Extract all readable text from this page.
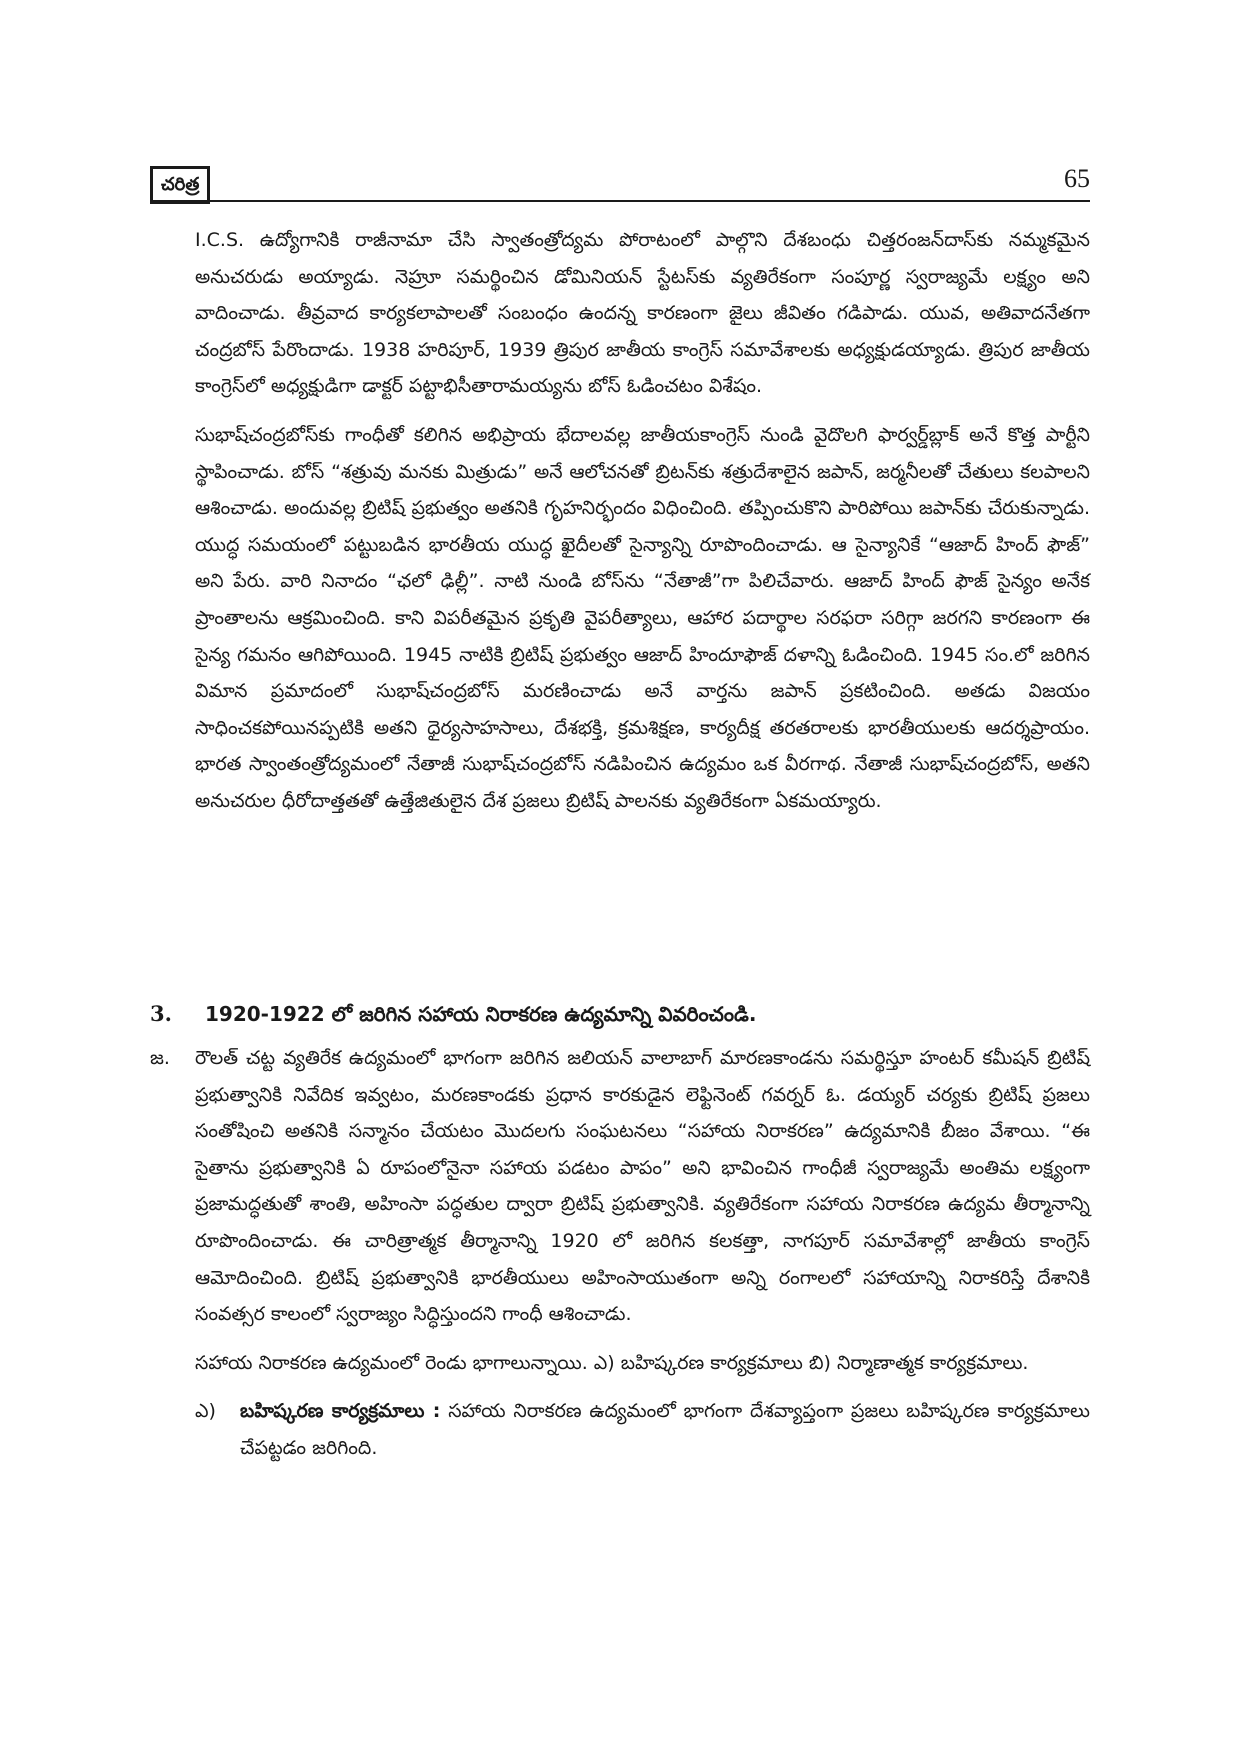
చరిత్ర	65

I.C.S. ఉద్యోగానికి రాజీనామా చేసి స్వాతంత్రోద్యమ పోరాటంలో పాల్గొని దేశబంధు చిత్తరంజన్‌దాస్‌కు నమ్మకమైన అనుచరుడు అయ్యాడు. నెహ్రూ సమర్థించిన డోమినియన్ స్టేటస్‌కు వ్యతిరేకంగా సంపూర్ణ స్వరాజ్యమే లక్ష్యం అని వాదించాడు. తీవ్రవాద కార్యకలాపాలతో సంబంధం ఉందన్న కారణంగా జైలు జీవితం గడిపాడు. యువ, అతివాదనేతగా చంద్రబోస్ పేరొందాడు. 1938 హరిపూర్, 1939 త్రిపుర జాతీయ కాంగ్రెస్ సమావేశాలకు అధ్యక్షుడయ్యాడు. త్రిపుర జాతీయ కాంగ్రెస్‌లో అధ్యక్షుడిగా డాక్టర్ పట్టాభిసీతారామయ్యను బోస్ ఓడించటం విశేషం.

సుభాష్‌చంద్రబోస్‌కు గాంధీతో కలిగిన అభిప్రాయ భేదాలవల్ల జాతీయకాంగ్రెస్ నుండి వైదొలగి ఫార్వర్డ్‌బ్లాక్ అనే కొత్త పార్టీని స్థాపించాడు. బోస్ “శత్రువు మనకు మిత్రుడు” అనే ఆలోచనతో బ్రిటన్‌కు శత్రుదేశాలైన జపాన్, జర్మనీలతో చేతులు కలపాలని ఆశించాడు. అందువల్ల బ్రిటిష్ ప్రభుత్వం అతనికి గృహనిర్భందం విధించింది. తప్పించుకొని పారిపోయి జపాన్‌కు చేరుకున్నాడు. యుద్ధ సమయంలో పట్టుబడిన భారతీయ యుద్ధ ఖైదీలతో సైన్యాన్ని రూపొందించాడు. ఆ సైన్యానికే “ఆజాద్ హింద్ ఫౌజ్” అని పేరు. వారి నినాదం “ఛలో ఢిల్లీ”. నాటి నుండి బోస్‌ను “నేతాజీ”గా పిలిచేవారు. ఆజాద్ హింద్ ఫౌజ్ సైన్యం అనేక ప్రాంతాలను ఆక్రమించింది. కాని విపరీతమైన ప్రకృతి వైపరీత్యాలు, ఆహార పదార్థాల సరఫరా సరిగ్గా జరగని కారణంగా ఈ సైన్య గమనం ఆగిపోయింది. 1945 నాటికి బ్రిటిష్ ప్రభుత్వం ఆజాద్ హిందూఫౌజ్ దళాన్ని ఓడించింది. 1945 సం.లో జరిగిన విమాన ప్రమాదంలో సుభాష్‌చంద్రబోస్ మరణించాడు అనే వార్తను జపాన్ ప్రకటించింది. అతడు విజయం సాధించకపోయినప్పటికి అతని ధైర్యసాహసాలు, దేశభక్తి, క్రమశిక్షణ, కార్యదీక్ష తరతరాలకు భారతీయులకు ఆదర్శప్రాయం. భారత స్వాంతంత్రోద్యమంలో నేతాజీ సుభాష్‌చంద్రబోస్ నడిపించిన ఉద్యమం ఒక వీరగాథ. నేతాజీ సుభాష్‌చంద్రబోస్, అతని అనుచరుల ధీరోదాత్తతతో ఉత్తేజితులైన దేశ ప్రజలు బ్రిటిష్ పాలనకు వ్యతిరేకంగా ఏకమయ్యారు.

3.	1920-1922 లో జరిగిన సహాయ నిరాకరణ ఉద్యమాన్ని వివరించండి.
జ.	రౌలత్ చట్ట వ్యతిరేక ఉద్యమంలో భాగంగా జరిగిన జలియన్ వాలాబాగ్ మారణకాండను సమర్థిస్తూ హంటర్ కమీషన్ బ్రిటిష్ ప్రభుత్వానికి నివేదిక ఇవ్వటం, మరణకాండకు ప్రధాన కారకుడైన లెఫ్టినెంట్ గవర్నర్ ఓ. డయ్యర్ చర్యకు బ్రిటిష్ ప్రజలు సంతోషించి అతనికి సన్మానం చేయటం మొదలగు సంఘటనలు “సహాయ నిరాకరణ” ఉద్యమానికి బీజం వేశాయి. “ఈ సైతాను ప్రభుత్వానికి ఏ రూపంలోనైనా సహాయ పడటం పాపం” అని భావించిన గాంధీజీ స్వరాజ్యమే అంతిమ లక్ష్యంగా ప్రజామద్ధతుతో శాంతి, అహింసా పద్ధతుల ద్వారా బ్రిటిష్ ప్రభుత్వానికి. వ్యతిరేకంగా సహాయ నిరాకరణ ఉద్యమ తీర్మానాన్ని రూపొందించాడు. ఈ చారిత్రాత్మక తీర్మానాన్ని 1920 లో జరిగిన కలకత్తా, నాగపూర్ సమావేశాల్లో జాతీయ కాంగ్రెస్ ఆమోదించింది. బ్రిటిష్ ప్రభుత్వానికి భారతీయులు అహింసాయుతంగా అన్ని రంగాలలో సహాయాన్ని నిరాకరిస్తే దేశానికి సంవత్సర కాలంలో స్వరాజ్యం సిద్ధిస్తుందని గాంధీ ఆశించాడు.

సహాయ నిరాకరణ ఉద్యమంలో రెండు భాగాలున్నాయి. ఎ) బహిష్కరణ కార్యక్రమాలు బి) నిర్మాణాత్మక కార్యక్రమాలు.

ఎ)	బహిష్కరణ కార్యక్రమాలు : సహాయ నిరాకరణ ఉద్యమంలో భాగంగా దేశవ్యాప్తంగా ప్రజలు బహిష్కరణ కార్యక్రమాలు చేపట్టడం జరిగింది.
